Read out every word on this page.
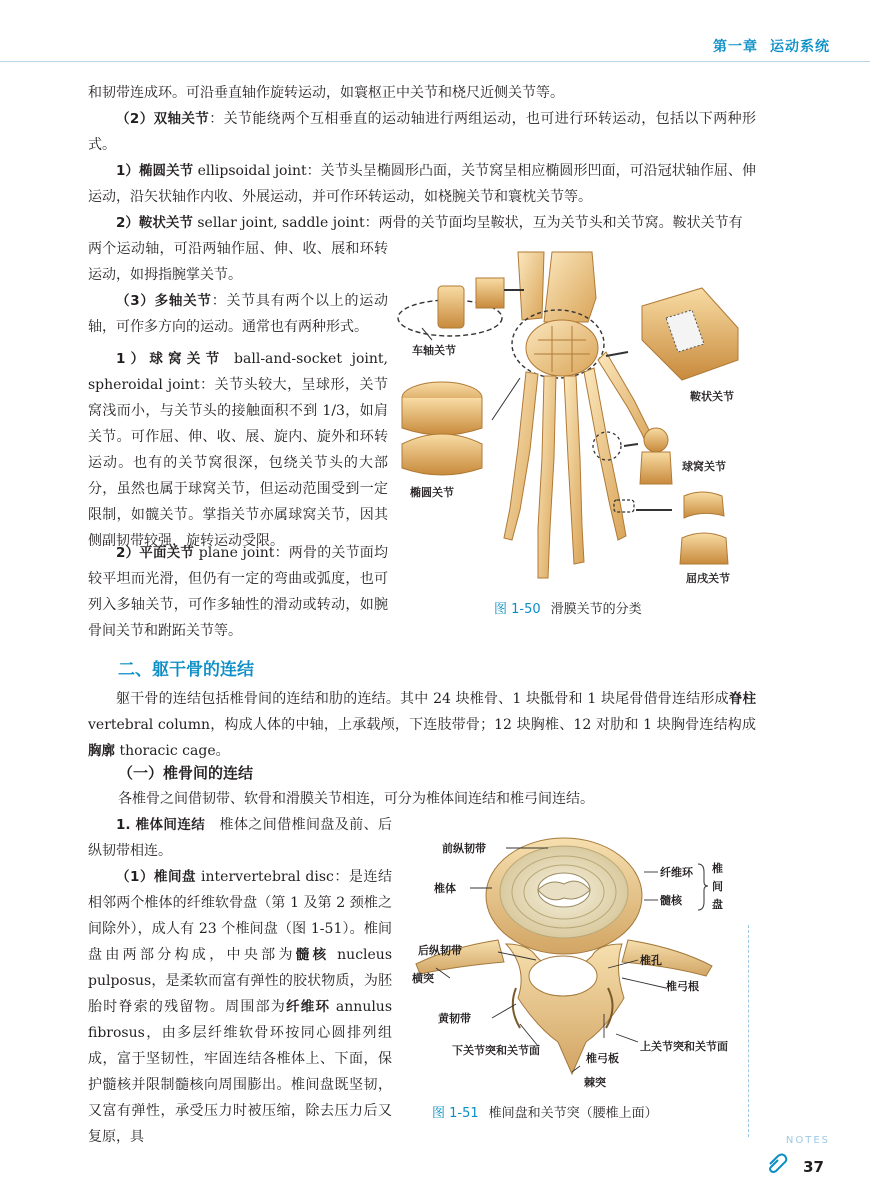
第一章 运动系统

和韧带连成环。可沿垂直轴作旋转运动，如寰枢正中关节和桡尺近侧关节等。

（2）双轴关节：关节能绕两个互相垂直的运动轴进行两组运动，也可进行环转运动，包括以下两种形式。

1）椭圆关节 ellipsoidal joint：关节头呈椭圆形凸面，关节窝呈相应椭圆形凹面，可沿冠状轴作屈、伸运动，沿矢状轴作内收、外展运动，并可作环转运动，如桡腕关节和寰枕关节等。

2）鞍状关节 sellar joint, saddle joint：两骨的关节面均呈鞍状，互为关节头和关节窝。鞍状关节有

两个运动轴，可沿两轴作屈、伸、收、展和环转运动，如拇指腕掌关节。

（3）多轴关节：关节具有两个以上的运动轴，可作多方向的运动。通常也有两种形式。

1）球窝关节 ball-and-socket joint, spheroidal joint：关节头较大，呈球形，关节窝浅而小，与关节头的接触面积不到 1/3，如肩关节。可作屈、伸、收、展、旋内、旋外和环转运动。也有的关节窝很深，包绕关节头的大部分，虽然也属于球窝关节，但运动范围受到一定限制，如髋关节。掌指关节亦属球窝关节，因其侧副韧带较强，旋转运动受限。

2）平面关节 plane joint：两骨的关节面均较平坦而光滑，但仍有一定的弯曲或弧度，也可列入多轴关节，可作多轴性的滑动或转动，如腕骨间关节和跗跖关节等。

车轴关节
鞍状关节
椭圆关节
球窝关节
屈戌关节
图 1-50 滑膜关节的分类
二、躯干骨的连结

躯干骨的连结包括椎骨间的连结和肋的连结。其中 24 块椎骨、1 块骶骨和 1 块尾骨借骨连结形成脊柱 vertebral column，构成人体的中轴，上承载颅，下连肢带骨；12 块胸椎、12 对肋和 1 块胸骨连结构成胸廓 thoracic cage。

（一）椎骨间的连结

各椎骨之间借韧带、软骨和滑膜关节相连，可分为椎体间连结和椎弓间连结。

1. 椎体间连结　椎体之间借椎间盘及前、后纵韧带相连。

（1）椎间盘 intervertebral disc：是连结相邻两个椎体的纤维软骨盘（第 1 及第 2 颈椎之间除外），成人有 23 个椎间盘（图 1-51）。椎间盘由两部分构成，中央部为髓核 nucleus pulposus，是柔软而富有弹性的胶状物质，为胚胎时脊索的残留物。周围部为纤维环 annulus fibrosus，由多层纤维软骨环按同心圆排列组成，富于坚韧性，牢固连结各椎体上、下面，保护髓核并限制髓核向周围膨出。椎间盘既坚韧，又富有弹性，承受压力时被压缩，除去压力后又复原，具

前纵韧带
椎体
纤维环
髓核
椎
间
盘
后纵韧带
横突
椎孔
椎弓根
黄韧带
下关节突和关节面
椎弓板
上关节突和关节面
棘突
图 1-51 椎间盘和关节突（腰椎上面）
NOTES
37
